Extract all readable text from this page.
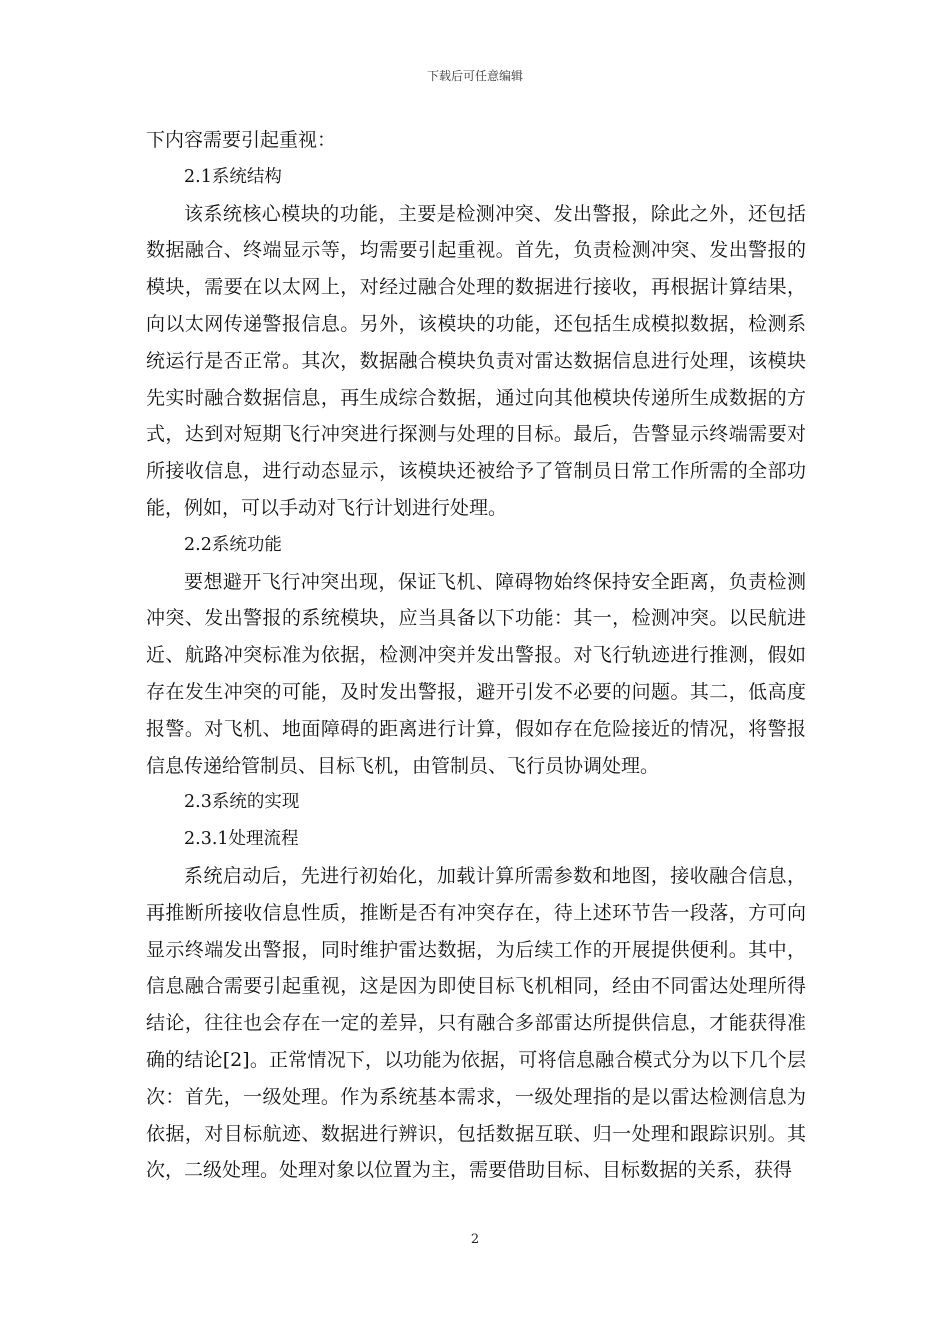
下载后可任意编辑

下内容需要引起重视：

2.1系统结构

该系统核心模块的功能，主要是检测冲突、发出警报，除此之外，还包括数据融合、终端显示等，均需要引起重视。首先，负责检测冲突、发出警报的模块，需要在以太网上，对经过融合处理的数据进行接收，再根据计算结果，向以太网传递警报信息。另外，该模块的功能，还包括生成模拟数据，检测系统运行是否正常。其次，数据融合模块负责对雷达数据信息进行处理，该模块先实时融合数据信息，再生成综合数据，通过向其他模块传递所生成数据的方式，达到对短期飞行冲突进行探测与处理的目标。最后，告警显示终端需要对所接收信息，进行动态显示，该模块还被给予了管制员日常工作所需的全部功能，例如，可以手动对飞行计划进行处理。

2.2系统功能

要想避开飞行冲突出现，保证飞机、障碍物始终保持安全距离，负责检测冲突、发出警报的系统模块，应当具备以下功能：其一，检测冲突。以民航进近、航路冲突标准为依据，检测冲突并发出警报。对飞行轨迹进行推测，假如存在发生冲突的可能，及时发出警报，避开引发不必要的问题。其二，低高度报警。对飞机、地面障碍的距离进行计算，假如存在危险接近的情况，将警报信息传递给管制员、目标飞机，由管制员、飞行员协调处理。

2.3系统的实现

2.3.1处理流程

系统启动后，先进行初始化，加载计算所需参数和地图，接收融合信息，再推断所接收信息性质，推断是否有冲突存在，待上述环节告一段落，方可向显示终端发出警报，同时维护雷达数据，为后续工作的开展提供便利。其中，信息融合需要引起重视，这是因为即使目标飞机相同，经由不同雷达处理所得结论，往往也会存在一定的差异，只有融合多部雷达所提供信息，才能获得准确的结论[2]。正常情况下，以功能为依据，可将信息融合模式分为以下几个层次：首先，一级处理。作为系统基本需求，一级处理指的是以雷达检测信息为依据，对目标航迹、数据进行辨识，包括数据互联、归一处理和跟踪识别。其次，二级处理。处理对象以位置为主，需要借助目标、目标数据的关系，获得

2
